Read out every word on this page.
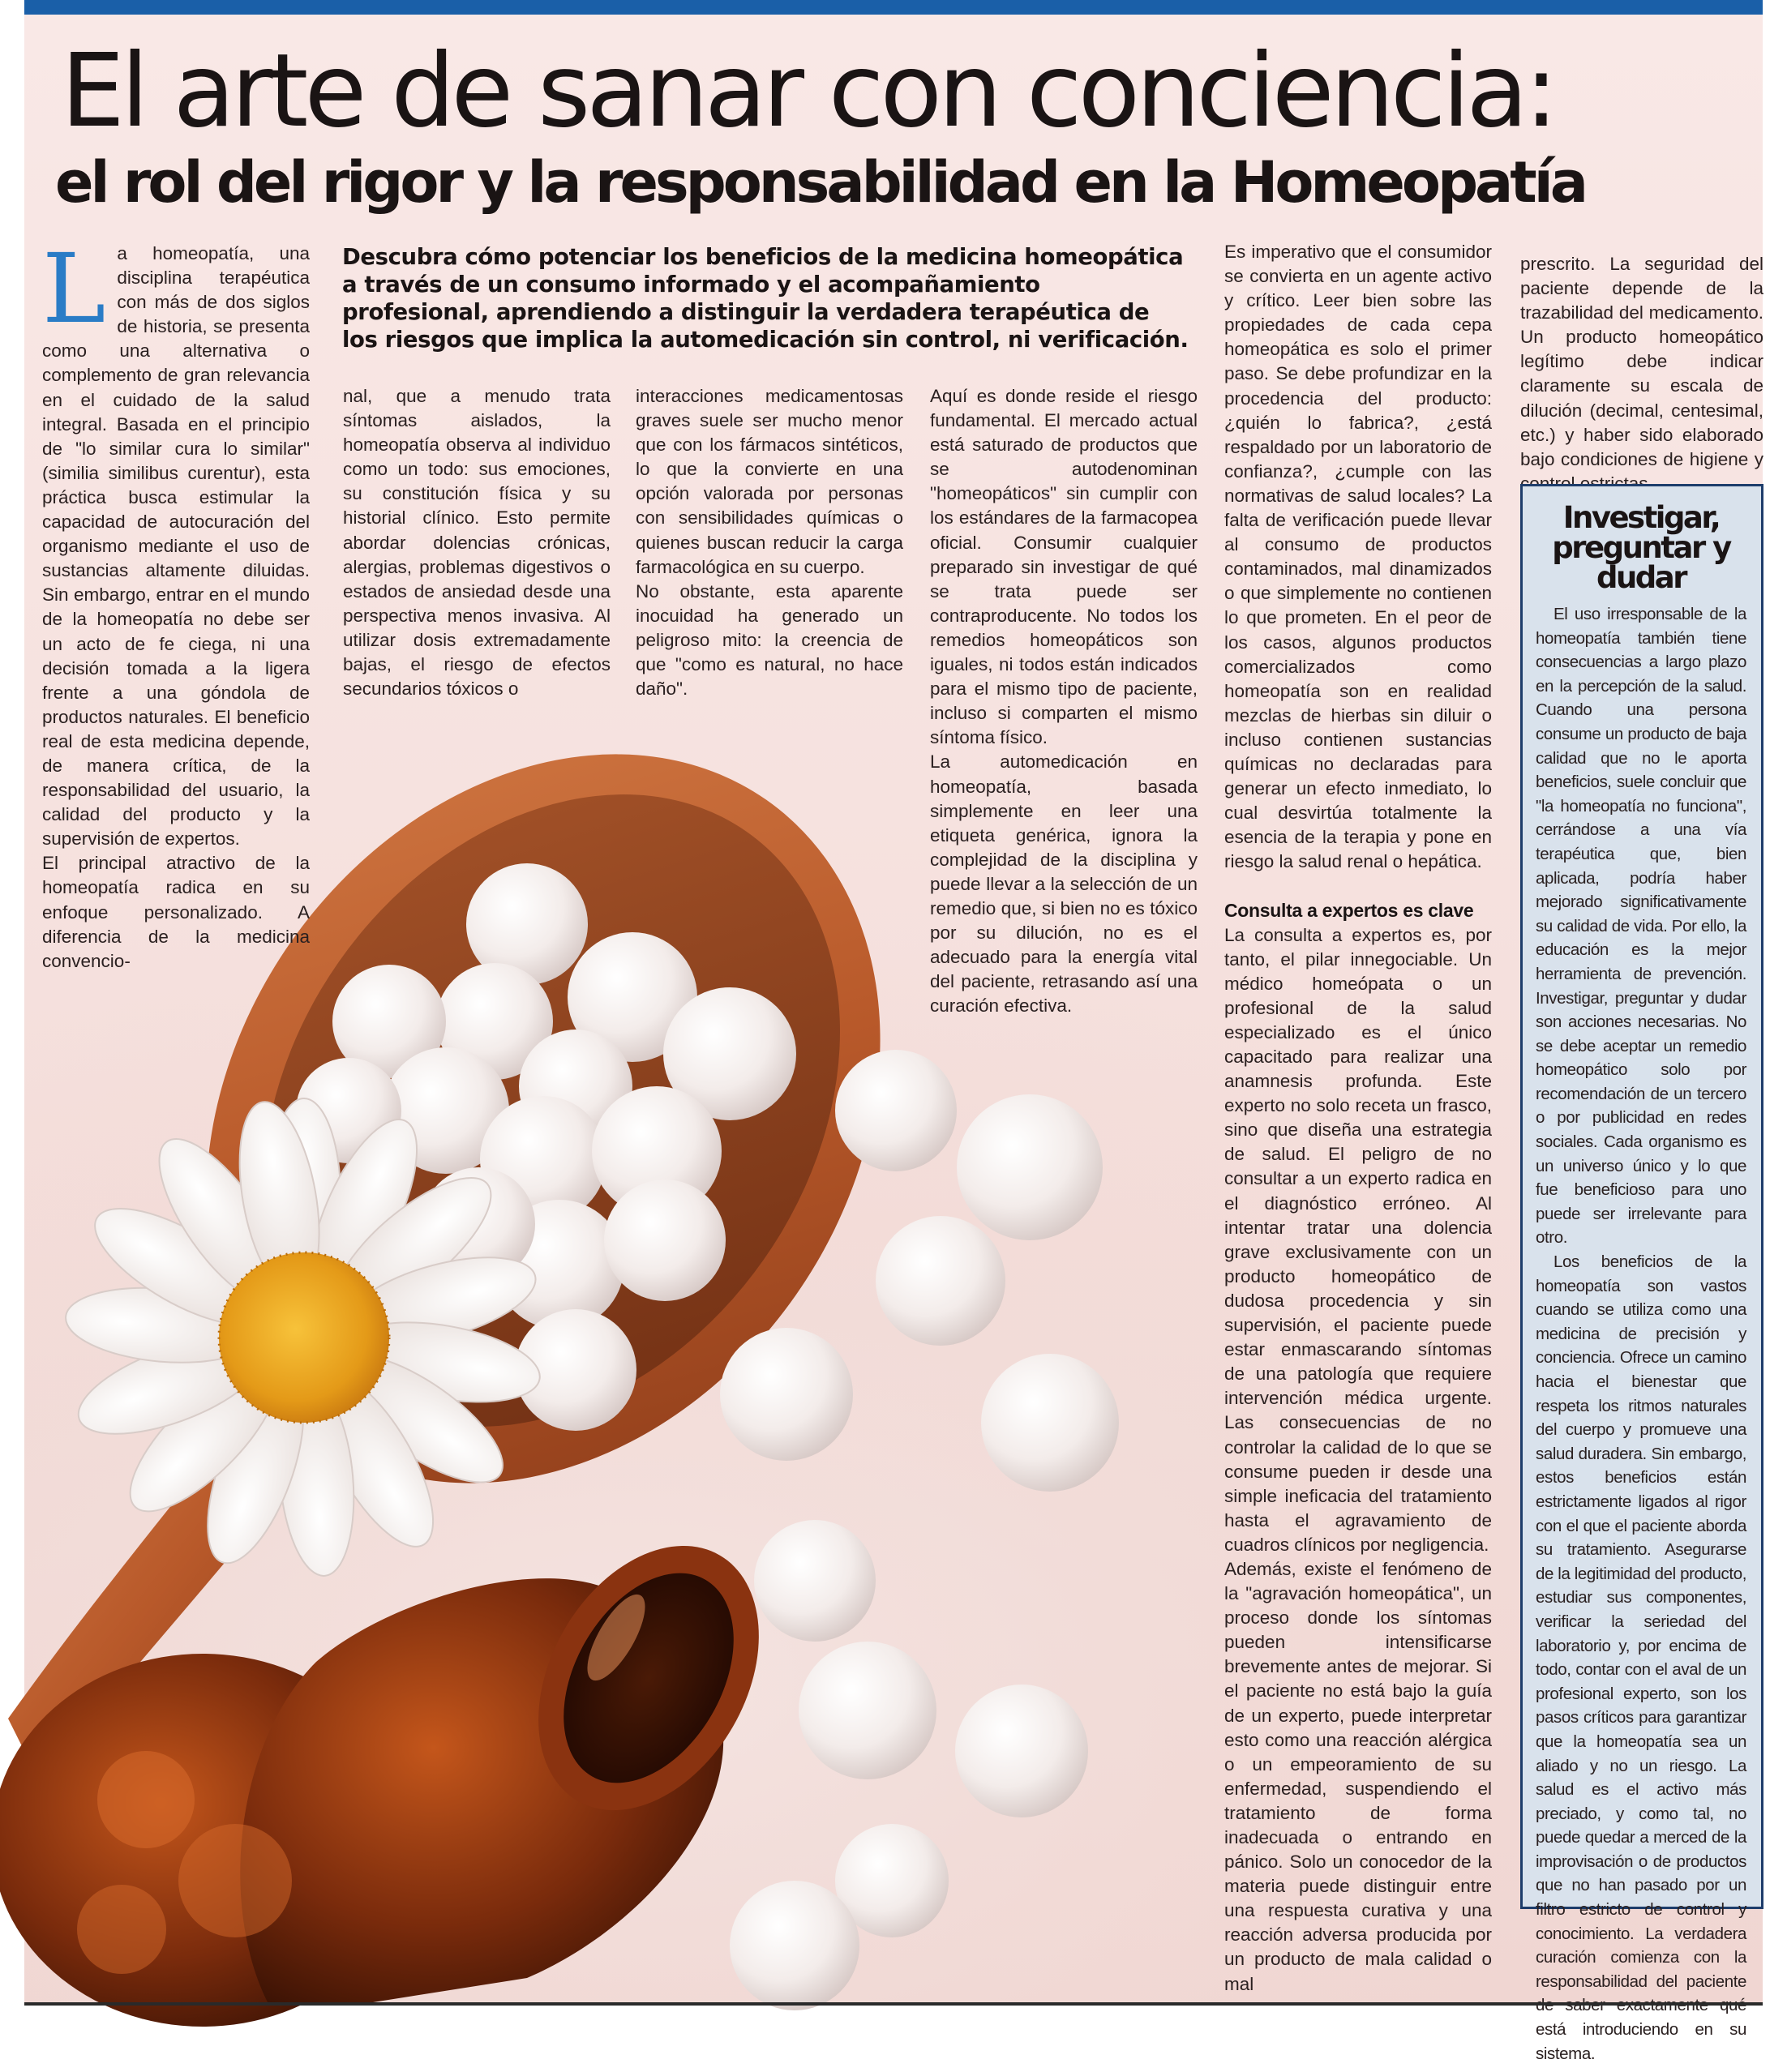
El arte de sanar con conciencia:
el rol del rigor y la responsabilidad en la Homeopatía

Descubra cómo potenciar los beneficios de la medicina homeopática a través de un consumo informado y el acompañamiento profesional, aprendiendo a distinguir la verdadera terapéutica de los riesgos que implica la automedicación sin control, ni verificación.

L a homeopatía, una disciplina terapéutica con más de dos siglos de historia, se presenta como una alternativa o complemento de gran relevancia en el cuidado de la salud integral. Basada en el principio de "lo similar cura lo similar" (similia similibus curentur), esta práctica busca estimular la capacidad de autocuración del organismo mediante el uso de sustancias altamente diluidas. Sin embargo, entrar en el mundo de la homeopatía no debe ser un acto de fe ciega, ni una decisión tomada a la ligera frente a una góndola de productos naturales. El beneficio real de esta medicina depende, de manera crítica, de la responsabilidad del usuario, la calidad del producto y la supervisión de expertos.

El principal atractivo de la homeopatía radica en su enfoque personalizado. A diferencia de la medicina convencio-

nal, que a menudo trata síntomas aislados, la homeopatía observa al individuo como un todo: sus emociones, su constitución física y su historial clínico. Esto permite abordar dolencias crónicas, alergias, problemas digestivos o estados de ansiedad desde una perspectiva menos invasiva. Al utilizar dosis extremadamente bajas, el riesgo de efectos secundarios tóxicos o

interacciones medicamentosas graves suele ser mucho menor que con los fármacos sintéticos, lo que la convierte en una opción valorada por personas con sensibilidades químicas o quienes buscan reducir la carga farmacológica en su cuerpo.

No obstante, esta aparente inocuidad ha generado un peligroso mito: la creencia de que "como es natural, no hace daño".

Aquí es donde reside el riesgo fundamental. El mercado actual está saturado de productos que se autodenominan "homeopáticos" sin cumplir con los estándares de la farmacopea oficial. Consumir cualquier preparado sin investigar de qué se trata puede ser contraproducente. No todos los remedios homeopáticos son iguales, ni todos están indicados para el mismo tipo de paciente, incluso si comparten el mismo síntoma físico.

La automedicación en homeopatía, basada simplemente en leer una etiqueta genérica, ignora la complejidad de la disciplina y puede llevar a la selección de un remedio que, si bien no es tóxico por su dilución, no es el adecuado para la energía vital del paciente, retrasando así una curación efectiva.

Es imperativo que el consumidor se convierta en un agente activo y crítico. Leer bien sobre las propiedades de cada cepa homeopática es solo el primer paso. Se debe profundizar en la procedencia del producto: ¿quién lo fabrica?, ¿está respaldado por un laboratorio de confianza?, ¿cumple con las normativas de salud locales? La falta de verificación puede llevar al consumo de productos contaminados, mal dinamizados o que simplemente no contienen lo que prometen. En el peor de los casos, algunos productos comercializados como homeopatía son en realidad mezclas de hierbas sin diluir o incluso contienen sustancias químicas no declaradas para generar un efecto inmediato, lo cual desvirtúa totalmente la esencia de la terapia y pone en riesgo la salud renal o hepática.

Consulta a expertos es clave

La consulta a expertos es, por tanto, el pilar innegociable. Un médico homeópata o un profesional de la salud especializado es el único capacitado para realizar una anamnesis profunda. Este experto no solo receta un frasco, sino que diseña una estrategia de salud. El peligro de no consultar a un experto radica en el diagnóstico erróneo. Al intentar tratar una dolencia grave exclusivamente con un producto homeopático de dudosa procedencia y sin supervisión, el paciente puede estar enmascarando síntomas de una patología que requiere intervención médica urgente. Las consecuencias de no controlar la calidad de lo que se consume pueden ir desde una simple ineficacia del tratamiento hasta el agravamiento de cuadros clínicos por negligencia.

Además, existe el fenómeno de la "agravación homeopática", un proceso donde los síntomas pueden intensificarse brevemente antes de mejorar. Si el paciente no está bajo la guía de un experto, puede interpretar esto como una reacción alérgica o un empeoramiento de su enfermedad, suspendiendo el tratamiento de forma inadecuada o entrando en pánico. Solo un conocedor de la materia puede distinguir entre una respuesta curativa y una reacción adversa producida por un producto de mala calidad o mal

prescrito. La seguridad del paciente depende de la trazabilidad del medicamento. Un producto homeopático legítimo debe indicar claramente su escala de dilución (decimal, centesimal, etc.) y haber sido elaborado bajo condiciones de higiene y

Investigar, preguntar y dudar

El uso irresponsable de la homeopatía también tiene consecuencias a largo plazo en la percepción de la salud. Cuando una persona consume un producto de baja calidad que no le aporta beneficios, suele concluir que "la homeopatía no funciona", cerrándose a una vía terapéutica que, bien aplicada, podría haber mejorado significativamente su calidad de vida. Por ello, la educación es la mejor herramienta de prevención. Investigar, preguntar y dudar son acciones necesarias. No se debe aceptar un remedio homeopático solo por recomendación de un tercero o por publicidad en redes sociales. Cada organismo es un universo único y lo que fue beneficioso para uno puede ser irrelevante para otro.

Los beneficios de la homeopatía son vastos cuando se utiliza como una medicina de precisión y conciencia. Ofrece un camino hacia el bienestar que respeta los ritmos naturales del cuerpo y promueve una salud duradera. Sin embargo, estos beneficios están estrictamente ligados al rigor con el que el paciente aborda su tratamiento. Asegurarse de la legitimidad del producto, estudiar sus componentes, verificar la seriedad del laboratorio y, por encima de todo, contar con el aval de un profesional experto, son los pasos críticos para garantizar que la homeopatía sea un aliado y no un riesgo. La salud es el activo más preciado, y como tal, no puede quedar a merced de la improvisación o de productos que no han pasado por un filtro estricto de control y conocimiento. La verdadera curación comienza con la responsabilidad del paciente está introduciendo en su sistema.
